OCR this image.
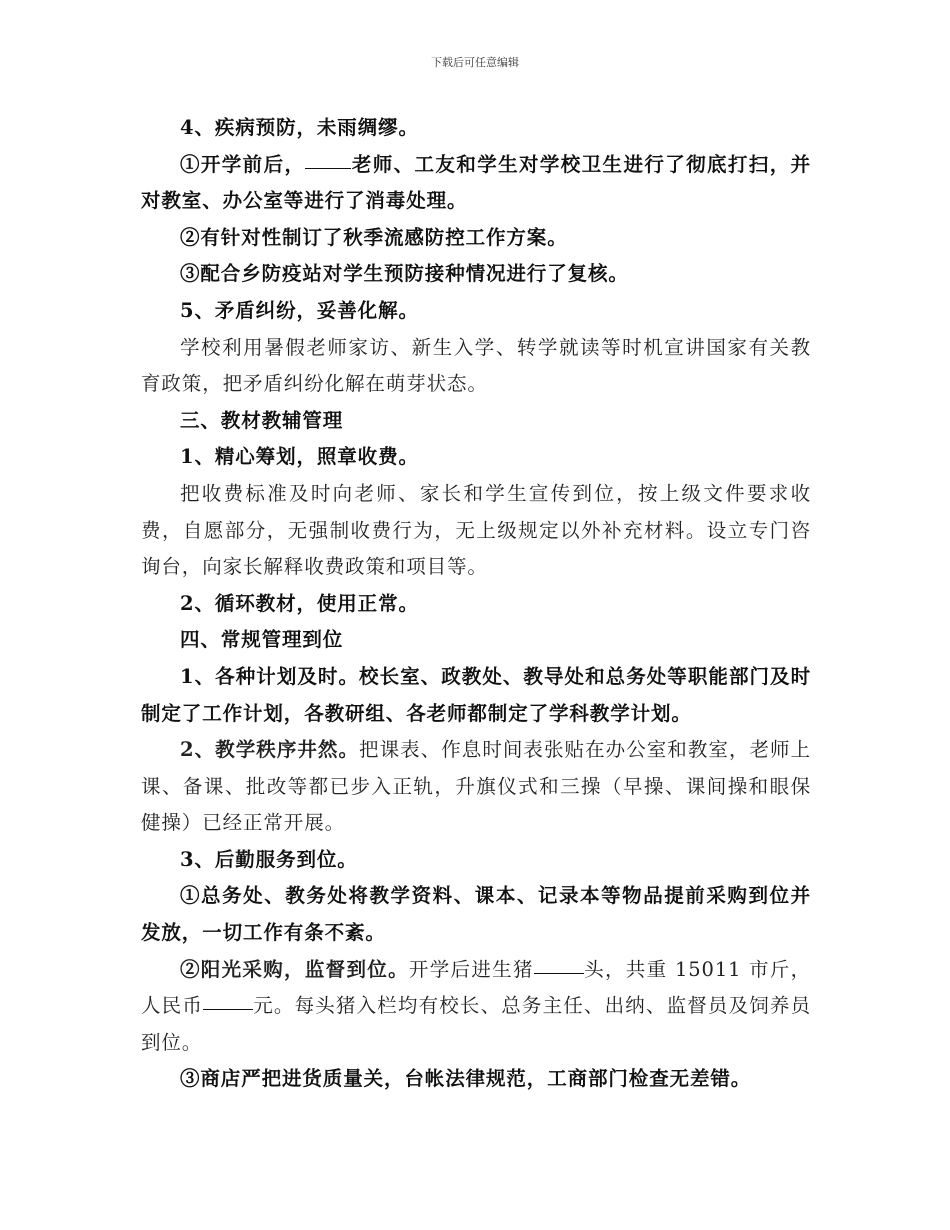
下载后可任意编辑

4、疾病预防，未雨绸缪。

①开学前后， 老师、工友和学生对学校卫生进行了彻底打扫，并对教室、办公室等进行了消毒处理。

②有针对性制订了秋季流感防控工作方案。

③配合乡防疫站对学生预防接种情况进行了复核。

5、矛盾纠纷，妥善化解。

学校利用暑假老师家访、新生入学、转学就读等时机宣讲国家有关教育政策，把矛盾纠纷化解在萌芽状态。

三、教材教辅管理

1、精心筹划，照章收费。

把收费标准及时向老师、家长和学生宣传到位，按上级文件要求收费，自愿部分，无强制收费行为，无上级规定以外补充材料。设立专门咨询台，向家长解释收费政策和项目等。

2、循环教材，使用正常。

四、常规管理到位

1、各种计划及时。校长室、政教处、教导处和总务处等职能部门及时制定了工作计划，各教研组、各老师都制定了学科教学计划。

2、教学秩序井然。把课表、作息时间表张贴在办公室和教室，老师上课、备课、批改等都已步入正轨，升旗仪式和三操（早操、课间操和眼保健操）已经正常开展。

3、后勤服务到位。

①总务处、教务处将教学资料、课本、记录本等物品提前采购到位并发放，一切工作有条不紊。

②阳光采购，监督到位。开学后进生猪	头，共重 15011 市斤，人民币	元。每头猪入栏均有校长、总务主任、出纳、监督员及饲养员到位。

③商店严把进货质量关，台帐法律规范，工商部门检查无差错。
